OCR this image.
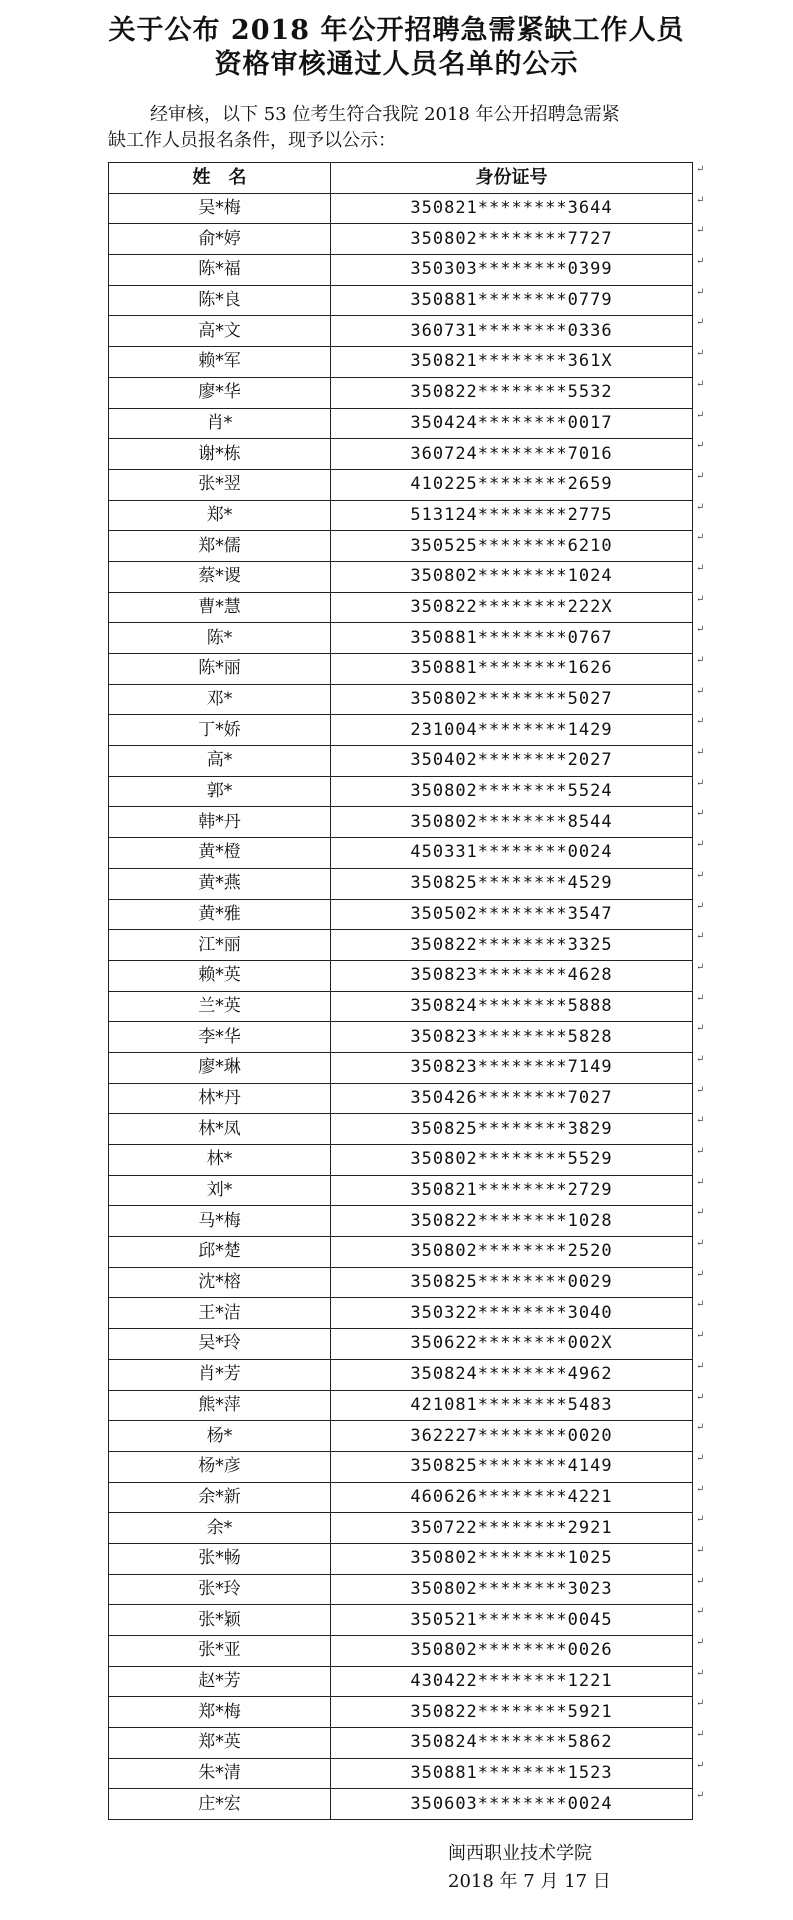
关于公布 2018 年公开招聘急需紧缺工作人员
资格审核通过人员名单的公示
经审核，以下 53 位考生符合我院 2018 年公开招聘急需紧
缺工作人员报名条件，现予以公示：
姓　名	身份证号
吴*梅	350821********3644
俞*婷	350802********7727
陈*福	350303********0399
陈*良	350881********0779
高*文	360731********0336
赖*军	350821********361X
廖*华	350822********5532
肖*	350424********0017
谢*栋	360724********7016
张*翌	410225********2659
郑*	513124********2775
郑*儒	350525********6210
蔡*谡	350802********1024
曹*慧	350822********222X
陈*	350881********0767
陈*丽	350881********1626
邓*	350802********5027
丁*娇	231004********1429
高*	350402********2027
郭*	350802********5524
韩*丹	350802********8544
黄*橙	450331********0024
黄*燕	350825********4529
黄*雅	350502********3547
江*丽	350822********3325
赖*英	350823********4628
兰*英	350824********5888
李*华	350823********5828
廖*琳	350823********7149
林*丹	350426********7027
林*凤	350825********3829
林*	350802********5529
刘*	350821********2729
马*梅	350822********1028
邱*楚	350802********2520
沈*榕	350825********0029
王*洁	350322********3040
吴*玲	350622********002X
肖*芳	350824********4962
熊*萍	421081********5483
杨*	362227********0020
杨*彦	350825********4149
余*新	460626********4221
余*	350722********2921
张*畅	350802********1025
张*玲	350802********3023
张*颖	350521********0045
张*亚	350802********0026
赵*芳	430422********1221
郑*梅	350822********5921
郑*英	350824********5862
朱*清	350881********1523
庄*宏	350603********0024
↵
↵
↵
↵
↵
↵
↵
↵
↵
↵
↵
↵
↵
↵
↵
↵
↵
↵
↵
↵
↵
↵
↵
↵
↵
↵
↵
↵
↵
↵
↵
↵
↵
↵
↵
↵
↵
↵
↵
↵
↵
↵
↵
↵
↵
↵
↵
↵
↵
↵
↵
↵
↵
↵
闽西职业技术学院
2018 年 7 月 17 日
